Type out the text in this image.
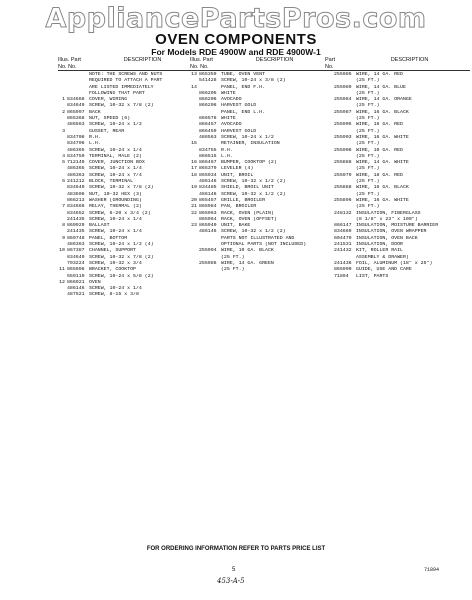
AppliancePartsPros.com
OVEN COMPONENTS
For Models RDE 4900W and RDE 4900W-1
Illus. Part
No. No.
DESCRIPTION
NOTE: THE SCREWS AND NUTS
REQUIRED TO ATTACH A PART
ARE LISTED IMMEDIATELY
FOLLOWING THAT PART
1 834668 COVER, WIRING
834649 SCREW, 10-32 x 7/8 (2)
2 865997 BACK
865368 NUT, SPEED (6)
486563 SCREW, 10-24 x 1/2
3	GUSSET, REAR
834708 R.H.
834706 L.H.
486365 SCREW, 10-24 x 1/4
4 834759 TERMINAL, MALE (2)
5 712149 COVER, JUNCTION BOX
486365 SCREW, 10-24 x 1/4
486363 SCREW, 10-24 x 7/4
6 241212 BLOCK, TERMINAL
834649 SCREW, 10-32 x 7/8 (2)
483608 NUT, 10-32 HEX (3)
866213 WASHER (GROUNDING)
7 834666 RELAY, THERMAL (2)
834652 SCREW, 6-20 x 3/4 (2)
241435 SCREW, 10-24 x 1/4
8 869929 BALLAST
241435 SCREW, 10-24 x 1/4
9 869748 PANEL, BOTTOM
486363 SCREW, 10-24 x 1/2 (4)
10 867387 CHANNEL, SUPPORT
834649 SCREW, 10-32 x 7/8 (2)
793224 SCREW, 10-32 x 3/4
11 865998 BRACKET, COOKTOP
559119 SCREW, 10-24 x 5/8 (2)
12 866921 OVEN
486146 SCREW, 10-24 x 1/4
487521 SCREW, 8-15 x 3/8
Illus. Part
No. No.
DESCRIPTION
13 865359 TUBE, OVEN VENT
541428 SCREW, 10-24 x 3/8 (2)
14	PANEL, END F.H.
866205 WHITE
866206 AVOCADO
866208 HARVEST GOLD
PANEL, END L.H.
866578 WHITE
866457 AVOCADO
866459 HARVEST GOLD
486563 SCREW, 10-24 x 1/2
15	RETAINER, INSULATION
834755 R.H.
866515 L.H.
16 866467 BUMPER, COOKTOP (2)
17 865379 LEVELER (4)
18 865934 UNIT, BROIL
486146 SCREW, 10-32 x 1/2 (2)
19 834485 SHIELD, BROIL UNIT
486146 SCREW, 10-32 x 1/2 (2)
20 865457 GRILLE, BROILER
21 865984 PAN, BROILER
22 865963 RACK, OVEN (PLAIN)
865964 RACK, OVEN (OFFSET)
23 865940 UNIT, BAKE
486146 SCREW, 10-32 x 1/2 (2)
PARTS NOT ILLUSTRATED AND
OPTIONAL PARTS (NOT INCLUDED)
255994 WIRE, 10 GA. BLACK
(25 FT.)
255986 WIRE, 14 GA. GREEN
(25 FT.)
Part
No.
DESCRIPTION
255985 WIRE, 14 GA. RED
(25 FT.)
255989 WIRE, 14 GA. BLUE
(25 FT.)
255984 WIRE, 14 GA. ORANGE
(25 FT.)
255987 WIRE, 16 GA. BLACK
(25 FT.)
255905 WIRE, 16 GA. RED
(25 FT.)
255903 WIRE, 16 GA. WHITE
(25 FT.)
255906 WIRE, 10 GA. RED
(25 FT.)
255888 WIRE, 14 GA. WHITE
(25 FT.)
255979 WIRE, 18 GA. RED
(25 FT.)
255888 WIRE, 16 GA. BLACK
(25 FT.)
255896 WIRE, 16 GA. WHITE
(25 FT.)
248132 INSULATION, FIBERGLASS
(8 1/8" x 23" x 100")
866147 INSULATION, MOISTURE BARRIER
834669 INSULATION, OVEN WRAPPER
604470 INSULATION, OVEN BACK
241531 INSULATION, DOOR
241432 KIT, ROLLER RAIL
ASSEMBLY & DRAWER)
241436 FOIL, ALUMINUM (18" x 25")
865990 GUIDE, USE AND CARE
71894	LIST, PARTS
FOR ORDERING INFORMATION REFER TO PARTS PRICE LIST
5	71894
453-A-5
